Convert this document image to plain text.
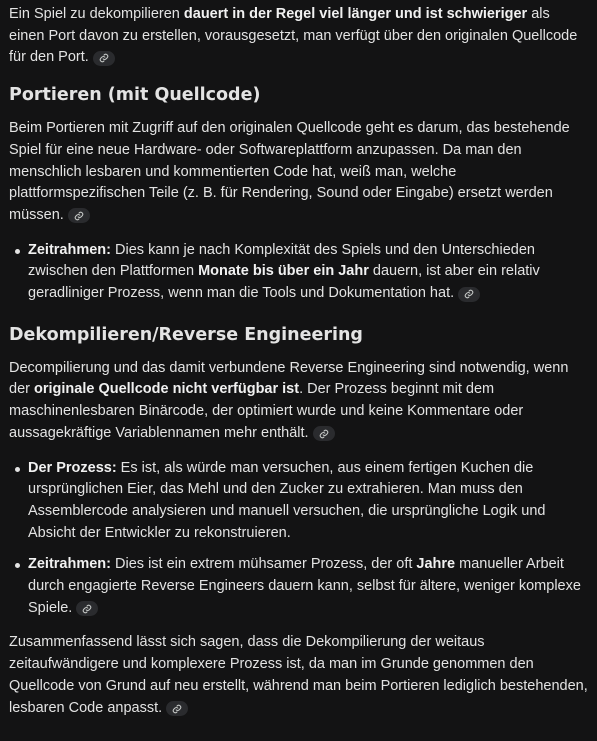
Ein Spiel zu dekompilieren dauert in der Regel viel länger und ist schwieriger als einen Port davon zu erstellen, vorausgesetzt, man verfügt über den originalen Quellcode für den Port.

Portieren (mit Quellcode)

Beim Portieren mit Zugriff auf den originalen Quellcode geht es darum, das bestehende Spiel für eine neue Hardware- oder Softwareplattform anzupassen. Da man den menschlich lesbaren und kommentierten Code hat, weiß man, welche plattformspezifischen Teile (z. B. für Rendering, Sound oder Eingabe) ersetzt werden müssen.

Zeitrahmen: Dies kann je nach Komplexität des Spiels und den Unterschieden zwischen den Plattformen Monate bis über ein Jahr dauern, ist aber ein relativ geradliniger Prozess, wenn man die Tools und Dokumentation hat.
Dekompilieren/Reverse Engineering

Decompilierung und das damit verbundene Reverse Engineering sind notwendig, wenn der originale Quellcode nicht verfügbar ist. Der Prozess beginnt mit dem maschinenlesbaren Binärcode, der optimiert wurde und keine Kommentare oder aussagekräftige Variablennamen mehr enthält.

Der Prozess: Es ist, als würde man versuchen, aus einem fertigen Kuchen die ursprünglichen Eier, das Mehl und den Zucker zu extrahieren. Man muss den Assemblercode analysieren und manuell versuchen, die ursprüngliche Logik und Absicht der Entwickler zu rekonstruieren.
Zeitrahmen: Dies ist ein extrem mühsamer Prozess, der oft Jahre manueller Arbeit durch engagierte Reverse Engineers dauern kann, selbst für ältere, weniger komplexe Spiele.

Zusammenfassend lässt sich sagen, dass die Dekompilierung der weitaus zeitaufwändigere und komplexere Prozess ist, da man im Grunde genommen den Quellcode von Grund auf neu erstellt, während man beim Portieren lediglich bestehenden, lesbaren Code anpasst.
